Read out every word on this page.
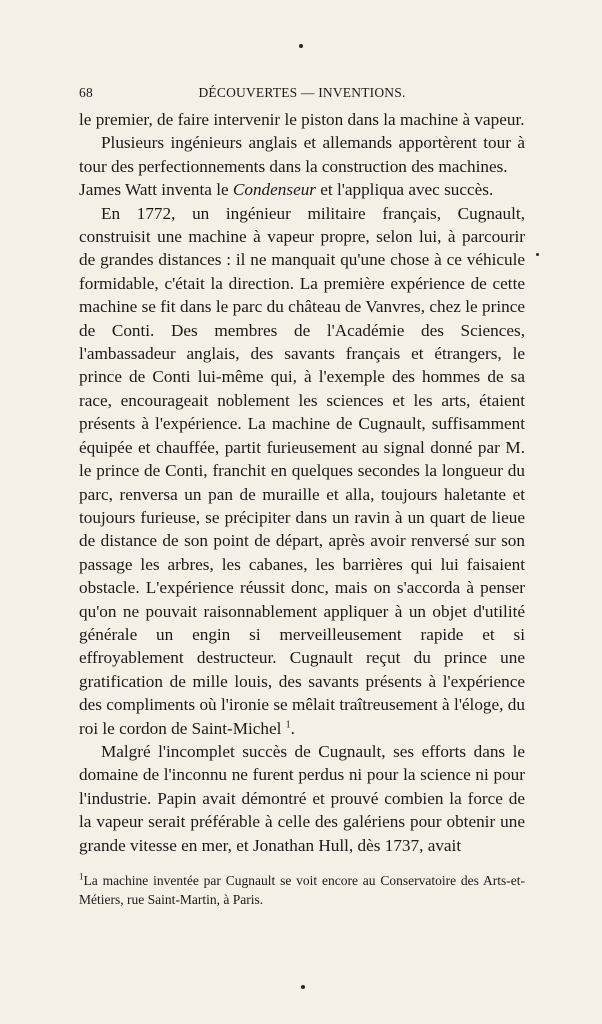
68	DÉCOUVERTES — INVENTIONS.

le premier, de faire intervenir le piston dans la machine à vapeur.

Plusieurs ingénieurs anglais et allemands apportèrent tour à tour des perfectionnements dans la construction des machines.

James Watt inventa le Condenseur et l'appliqua avec succès.

En 1772, un ingénieur militaire français, Cugnault, construisit une machine à vapeur propre, selon lui, à parcourir de grandes distances : il ne manquait qu'une chose à ce véhicule formidable, c'était la direction. La première expérience de cette machine se fit dans le parc du château de Vanvres, chez le prince de Conti. Des membres de l'Académie des Sciences, l'ambassadeur anglais, des savants français et étrangers, le prince de Conti lui-même qui, à l'exemple des hommes de sa race, encourageait noblement les sciences et les arts, étaient présents à l'expérience. La machine de Cugnault, suffisamment équipée et chauffée, partit furieusement au signal donné par M. le prince de Conti, franchit en quelques secondes la longueur du parc, renversa un pan de muraille et alla, toujours haletante et toujours furieuse, se précipiter dans un ravin à un quart de lieue de distance de son point de départ, après avoir renversé sur son passage les arbres, les cabanes, les barrières qui lui faisaient obstacle. L'expérience réussit donc, mais on s'accorda à penser qu'on ne pouvait raisonnablement appliquer à un objet d'utilité générale un engin si merveilleusement rapide et si effroyablement destructeur. Cugnault reçut du prince une gratification de mille louis, des savants présents à l'expérience des compliments où l'ironie se mêlait traîtreusement à l'éloge, du roi le cordon de Saint-Michel $^1$.

Malgré l'incomplet succès de Cugnault, ses efforts dans le domaine de l'inconnu ne furent perdus ni pour la science ni pour l'industrie. Papin avait démontré et prouvé combien la force de la vapeur serait préférable à celle des galériens pour obtenir une grande vitesse en mer, et Jonathan Hull, dès 1737, avait

$^1$La machine inventée par Cugnault se voit encore au Conservatoire des Arts-et-Métiers, rue Saint-Martin, à Paris.
